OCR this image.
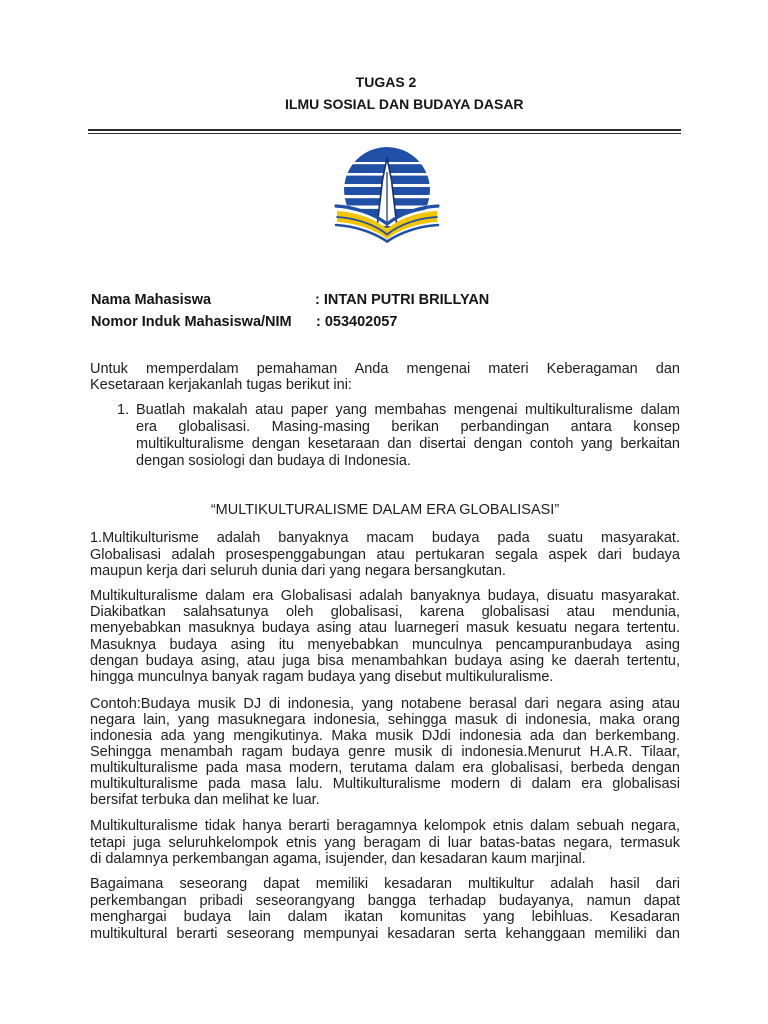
TUGAS 2
ILMU SOSIAL DAN BUDAYA DASAR
Nama Mahasiswa	: INTAN PUTRI BRILLYAN
Nomor Induk Mahasiswa/NIM : 053402057
Untuk memperdalam pemahaman Anda mengenai materi Keberagaman dan
Kesetaraan kerjakanlah tugas berikut ini:
1. Buatlah makalah atau paper yang membahas mengenai multikulturalisme dalam
era globalisasi. Masing-masing berikan perbandingan antara konsep
multikulturalisme dengan kesetaraan dan disertai dengan contoh yang berkaitan
dengan sosiologi dan budaya di Indonesia.
“MULTIKULTURALISME DALAM ERA GLOBALISASI”
1.Multikulturisme adalah banyaknya macam budaya pada suatu masyarakat.
Globalisasi adalah prosespenggabungan atau pertukaran segala aspek dari budaya
maupun kerja dari seluruh dunia dari yang negara bersangkutan.
Multikulturalisme dalam era Globalisasi adalah banyaknya budaya, disuatu masyarakat.
Diakibatkan salahsatunya oleh globalisasi, karena globalisasi atau mendunia,
menyebabkan masuknya budaya asing atau luarnegeri masuk kesuatu negara tertentu.
Masuknya budaya asing itu menyebabkan munculnya pencampuranbudaya asing
dengan budaya asing, atau juga bisa menambahkan budaya asing ke daerah tertentu,
hingga munculnya banyak ragam budaya yang disebut multikuluralisme.
Contoh:Budaya musik DJ di indonesia, yang notabene berasal dari negara asing atau
negara lain, yang masuknegara indonesia, sehingga masuk di indonesia, maka orang
indonesia ada yang mengikutinya. Maka musik DJdi indonesia ada dan berkembang.
Sehingga menambah ragam budaya genre musik di indonesia.Menurut H.A.R. Tilaar,
multikulturalisme pada masa modern, terutama dalam era globalisasi, berbeda dengan
multikulturalisme pada masa lalu. Multikulturalisme modern di dalam era globalisasi
bersifat terbuka dan melihat ke luar.
Multikulturalisme tidak hanya berarti beragamnya kelompok etnis dalam sebuah negara,
tetapi juga seluruhkelompok etnis yang beragam di luar batas-batas negara, termasuk
di dalamnya perkembangan agama, isujender, dan kesadaran kaum marjinal.
Bagaimana seseorang dapat memiliki kesadaran multikultur adalah hasil dari
perkembangan pribadi seseorangyang bangga terhadap budayanya, namun dapat
menghargai budaya lain dalam ikatan komunitas yang lebihluas. Kesadaran
multikultural berarti seseorang mempunyai kesadaran serta kehanggaan memiliki dan
